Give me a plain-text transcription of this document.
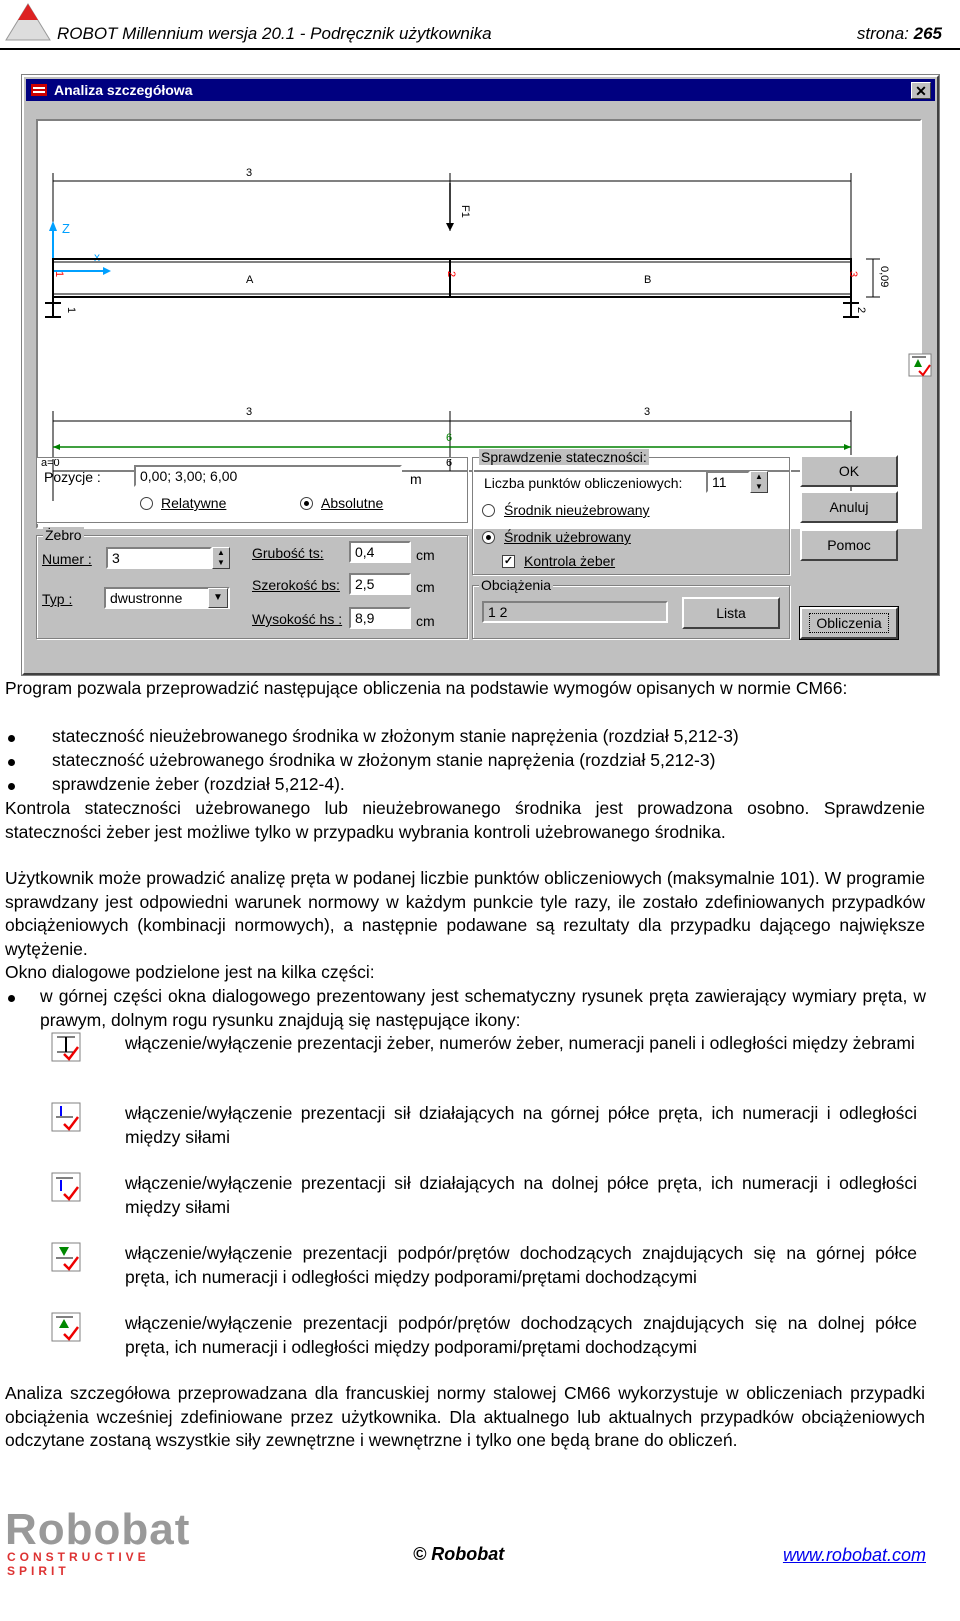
ROBOT Millennium wersja 20.1 - Podręcznik użytkownika	strona: 265
Analiza szczegółowa	✕
3
F1
Z
x
1	2	3
A	B	0,09
1	2
3	3
6
6
a=0
Pozycje :
0,00; 3,00; 6,00	m
Relatywne	Absolutne
Żebro
Numer :
3	▲
▼
Typ :
dwustronne	▼
Grubość ts:
0,4	cm
Szerokość bs:
2,5	cm
Wysokość hs :
8,9	cm
Sprawdzenie stateczności:
Liczba punktów obliczeniowych:
11	▲
▼
Środnik nieużebrowany
Środnik użebrowany
✓ Kontrola żeber
Obciążenia
1 2
Lista
OK
Anuluj
Pomoc
Obliczenia
Program pozwala przeprowadzić następujące obliczenia na podstawie wymogów opisanych w normie CM66:
stateczność nieużebrowanego środnika w złożonym stanie naprężenia (rozdział 5,212-3)
stateczność użebrowanego środnika w złożonym stanie naprężenia (rozdział 5,212-3)
sprawdzenie żeber (rozdział 5,212-4).
Kontrola stateczności użebrowanego lub nieużebrowanego środnika jest prowadzona osobno. Sprawdzenie stateczności żeber jest możliwe tylko w przypadku wybrania kontroli użebrowanego środnika.
Użytkownik może prowadzić analizę pręta w podanej liczbie punktów obliczeniowych (maksymalnie 101). W programie sprawdzany jest odpowiedni warunek normowy w każdym punkcie tyle razy, ile zostało zdefiniowanych przypadków obciążeniowych (kombinacji normowych), a następnie podawane są rezultaty dla przypadku dającego największe wytężenie.
Okno dialogowe podzielone jest na kilka części:
w górnej części okna dialogowego prezentowany jest schematyczny rysunek pręta zawierający wymiary pręta, w prawym, dolnym rogu rysunku znajdują się następujące ikony:
włączenie/wyłączenie prezentacji żeber, numerów żeber, numeracji paneli i odległości między żebrami
włączenie/wyłączenie prezentacji sił działających na górnej półce pręta, ich numeracji i odległości między siłami
włączenie/wyłączenie prezentacji sił działających na dolnej półce pręta, ich numeracji i odległości między siłami
włączenie/wyłączenie prezentacji podpór/prętów dochodzących znajdujących się na górnej półce pręta, ich numeracji i odległości między podporami/prętami dochodzącymi
włączenie/wyłączenie prezentacji podpór/prętów dochodzących znajdujących się na dolnej półce pręta, ich numeracji i odległości między podporami/prętami dochodzącymi
Analiza szczegółowa przeprowadzana dla francuskiej normy stalowej CM66 wykorzystuje w obliczeniach przypadki obciążenia wcześniej zdefiniowane przez użytkownika. Dla aktualnego lub aktualnych przypadków obciążeniowych odczytane zostaną wszystkie siły zewnętrzne i wewnętrzne i tylko one będą brane do obliczeń.
Robobat
CONSTRUCTIVE SPIRIT
© Robobat	www.robobat.com
